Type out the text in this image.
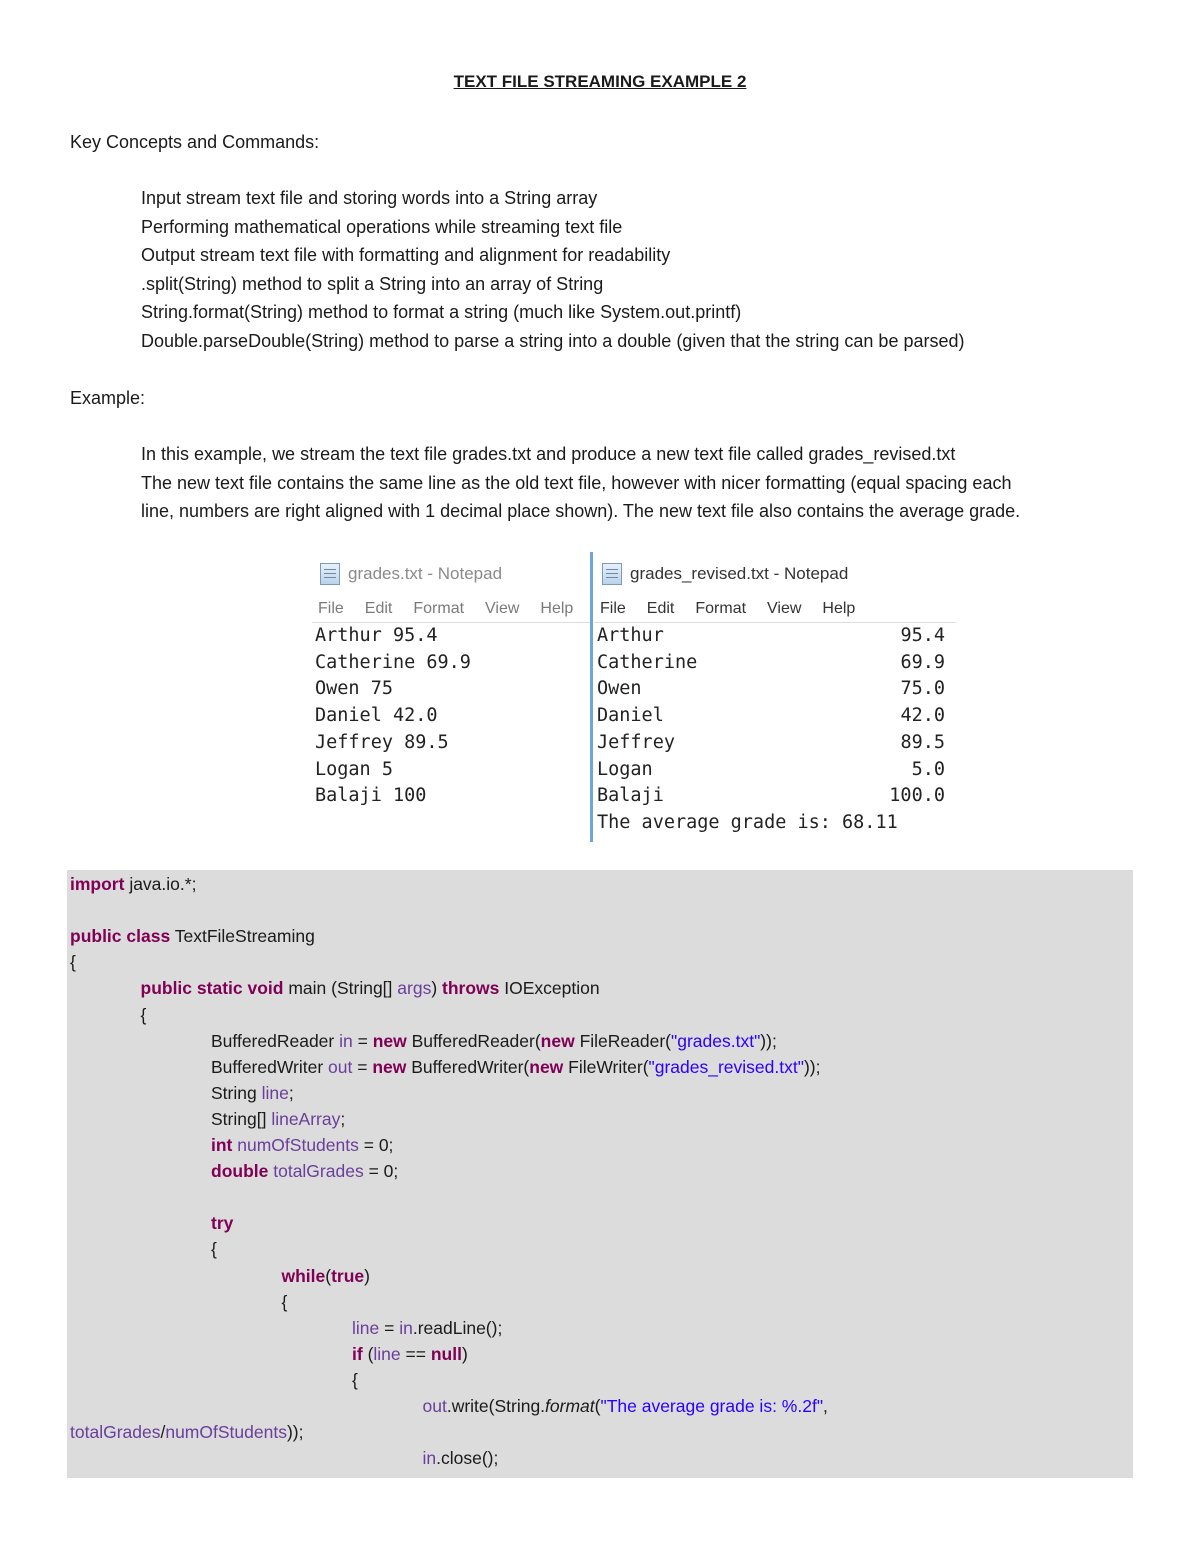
TEXT FILE STREAMING EXAMPLE 2
Key Concepts and Commands:
Input stream text file and storing words into a String array
Performing mathematical operations while streaming text file
Output stream text file with formatting and alignment for readability
.split(String) method to split a String into an array of String
String.format(String) method to format a string (much like System.out.printf)
Double.parseDouble(String) method to parse a string into a double (given that the string can be parsed)
Example:
In this example, we stream the text file grades.txt and produce a new text file called grades_revised.txt
The new text file contains the same line as the old text file, however with nicer formatting (equal spacing each
line, numbers are right aligned with 1 decimal place shown). The new text file also contains the average grade.
grades.txt - Notepad
File Edit Format View Help
Arthur 95.4
Catherine 69.9
Owen 75
Daniel 42.0
Jeffrey 89.5
Logan 5
Balaji 100
grades_revised.txt - Notepad
File Edit Format View Help
Arthur	95.4
Catherine	69.9
Owen	75.0
Daniel	42.0
Jeffrey	89.5
Logan	5.0
Balaji	100.0
The average grade is: 68.11
import java.io.*;
public class TextFileStreaming
{
public static void main (String[] args) throws IOException
{
BufferedReader in = new BufferedReader(new FileReader("grades.txt"));
BufferedWriter out = new BufferedWriter(new FileWriter("grades_revised.txt"));
String line;
String[] lineArray;
int numOfStudents = 0;
double totalGrades = 0;
try
{
while(true)
{
line = in.readLine();
if (line == null)
{
out.write(String.format("The average grade is: %.2f",
totalGrades/numOfStudents));
in.close();
